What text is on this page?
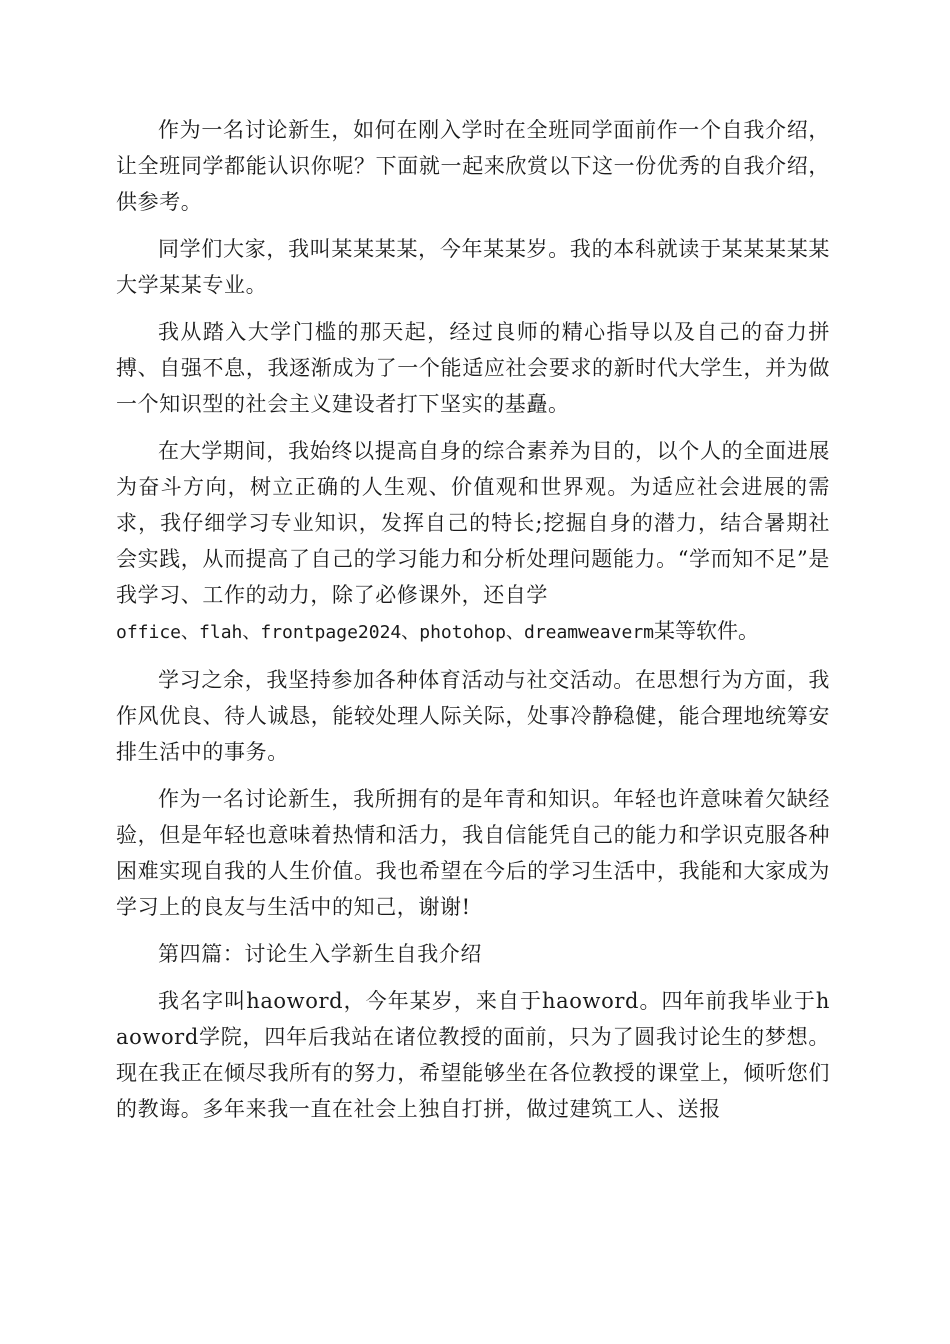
作为一名讨论新生，如何在刚入学时在全班同学面前作一个自我介绍，让全班同学都能认识你呢？下面就一起来欣赏以下这一份优秀的自我介绍，供参考。

同学们大家，我叫某某某某，今年某某岁。我的本科就读于某某某某某大学某某专业。

我从踏入大学门槛的那天起，经过良师的精心指导以及自己的奋力拼搏、自强不息，我逐渐成为了一个能适应社会要求的新时代大学生，并为做一个知识型的社会主义建设者打下坚实的基矗。

在大学期间，我始终以提高自身的综合素养为目的，以个人的全面进展为奋斗方向，树立正确的人生观、价值观和世界观。为适应社会进展的需求，我仔细学习专业知识，发挥自己的特长;挖掘自身的潜力，结合暑期社会实践，从而提高了自己的学习能力和分析处理问题能力。“学而知不足”是我学习、工作的动力，除了必修课外，还自学
office、flah、frontpage2024、photohop、dreamweaverm某等软件。

学习之余，我坚持参加各种体育活动与社交活动。在思想行为方面，我作风优良、待人诚恳，能较处理人际关际，处事冷静稳健，能合理地统筹安排生活中的事务。

作为一名讨论新生，我所拥有的是年青和知识。年轻也许意味着欠缺经验，但是年轻也意味着热情和活力，我自信能凭自己的能力和学识克服各种困难实现自我的人生价值。我也希望在今后的学习生活中，我能和大家成为学习上的良友与生活中的知己，谢谢!

第四篇：讨论生入学新生自我介绍

我名字叫haoword，今年某岁，来自于haoword。四年前我毕业于haoword学院，四年后我站在诸位教授的面前，只为了圆我讨论生的梦想。现在我正在倾尽我所有的努力，希望能够坐在各位教授的课堂上，倾听您们的教诲。多年来我一直在社会上独自打拼，做过建筑工人、送报
